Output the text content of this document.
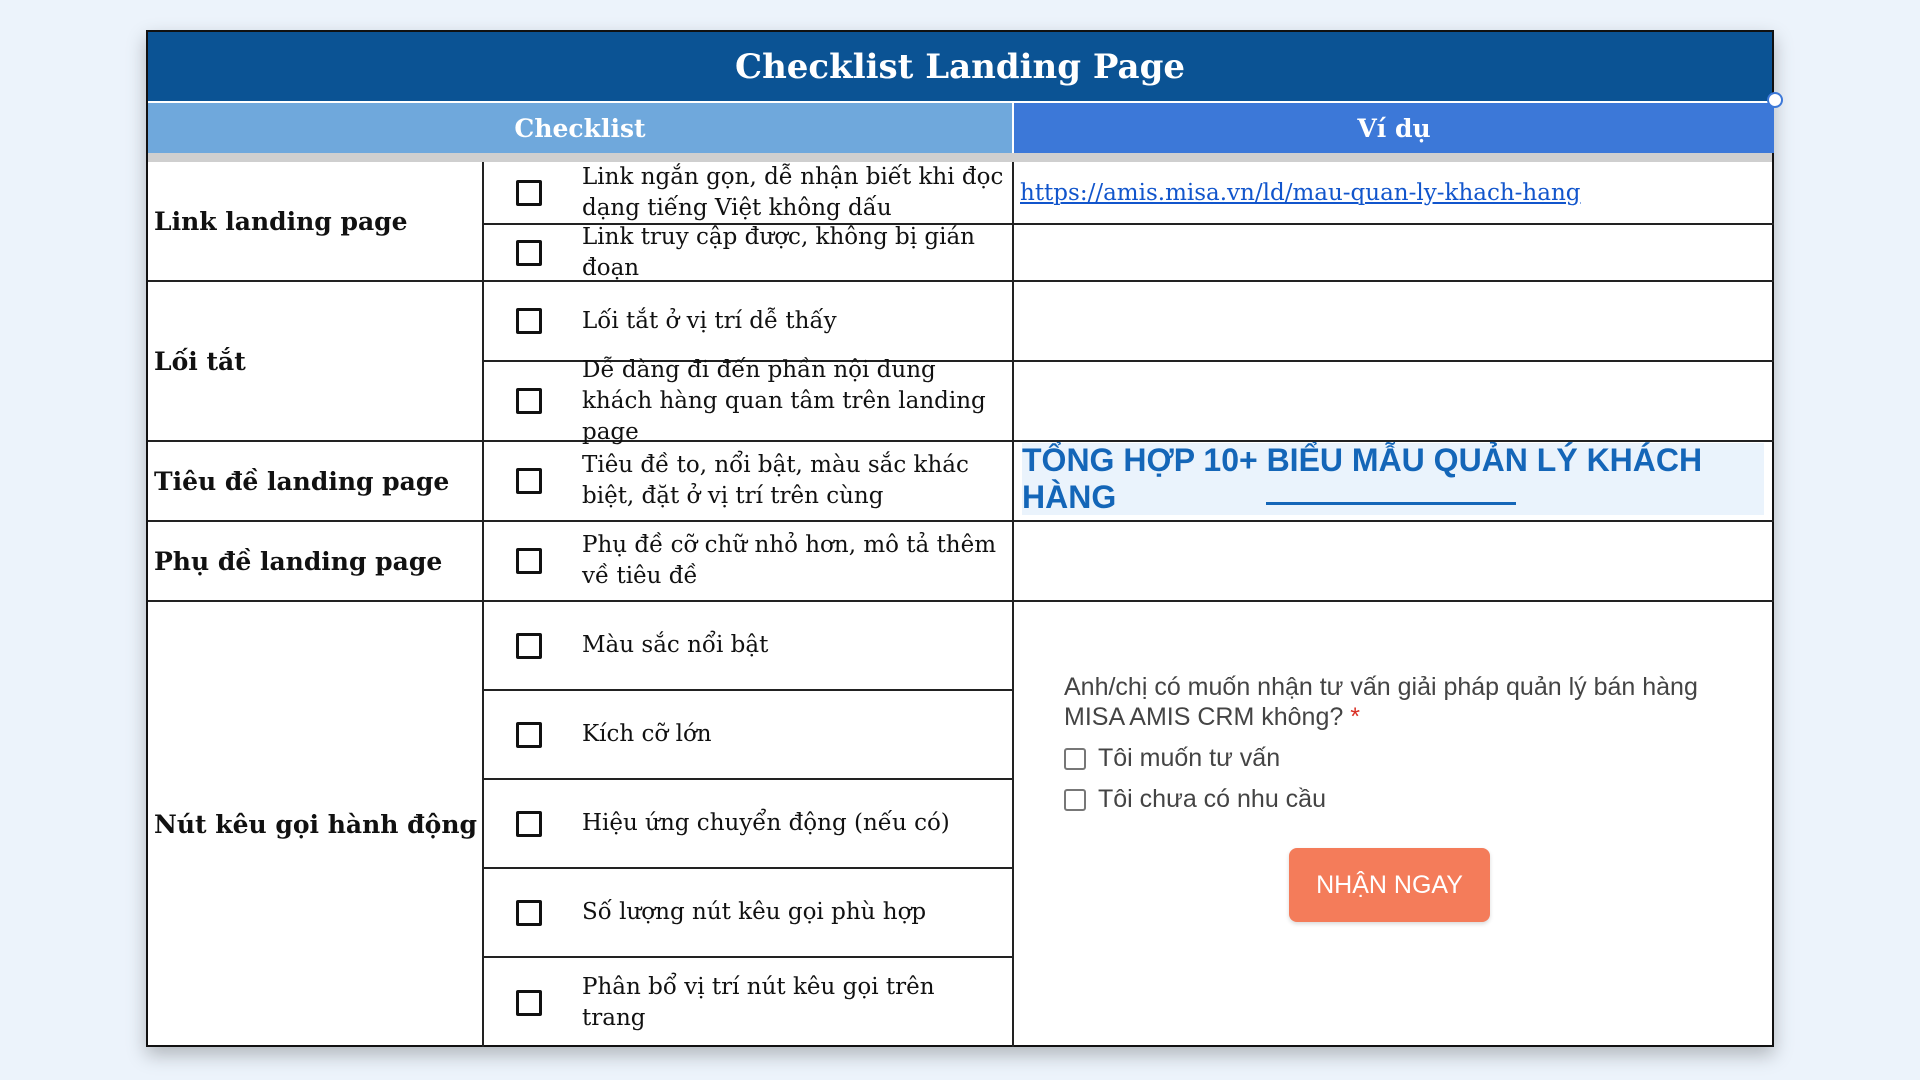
Checklist Landing Page
Checklist	Ví dụ
Link landing page
Lối tắt
Tiêu đề landing page
Phụ đề landing page
Nút kêu gọi hành động
Link ngắn gọn, dễ nhận biết khi đọc dạng tiếng Việt không dấu
Link truy cập được, không bị gián đoạn
Lối tắt ở vị trí dễ thấy
Dễ dàng đi đến phần nội dung khách hàng quan tâm trên landing page
Tiêu đề to, nổi bật, màu sắc khác biệt, đặt ở vị trí trên cùng
Phụ đề cỡ chữ nhỏ hơn, mô tả thêm về tiêu đề
Màu sắc nổi bật
Kích cỡ lớn
Hiệu ứng chuyển động (nếu có)
Số lượng nút kêu gọi phù hợp
Phân bổ vị trí nút kêu gọi trên trang
https://amis.misa.vn/ld/mau-quan-ly-khach-hang
TỔNG HỢP 10+ BIỂU MẪU QUẢN LÝ KHÁCH HÀNG
Anh/chị có muốn nhận tư vấn giải pháp quản lý bán hàng MISA AMIS CRM không? *
Tôi muốn tư vấn
Tôi chưa có nhu cầu
NHẬN NGAY
